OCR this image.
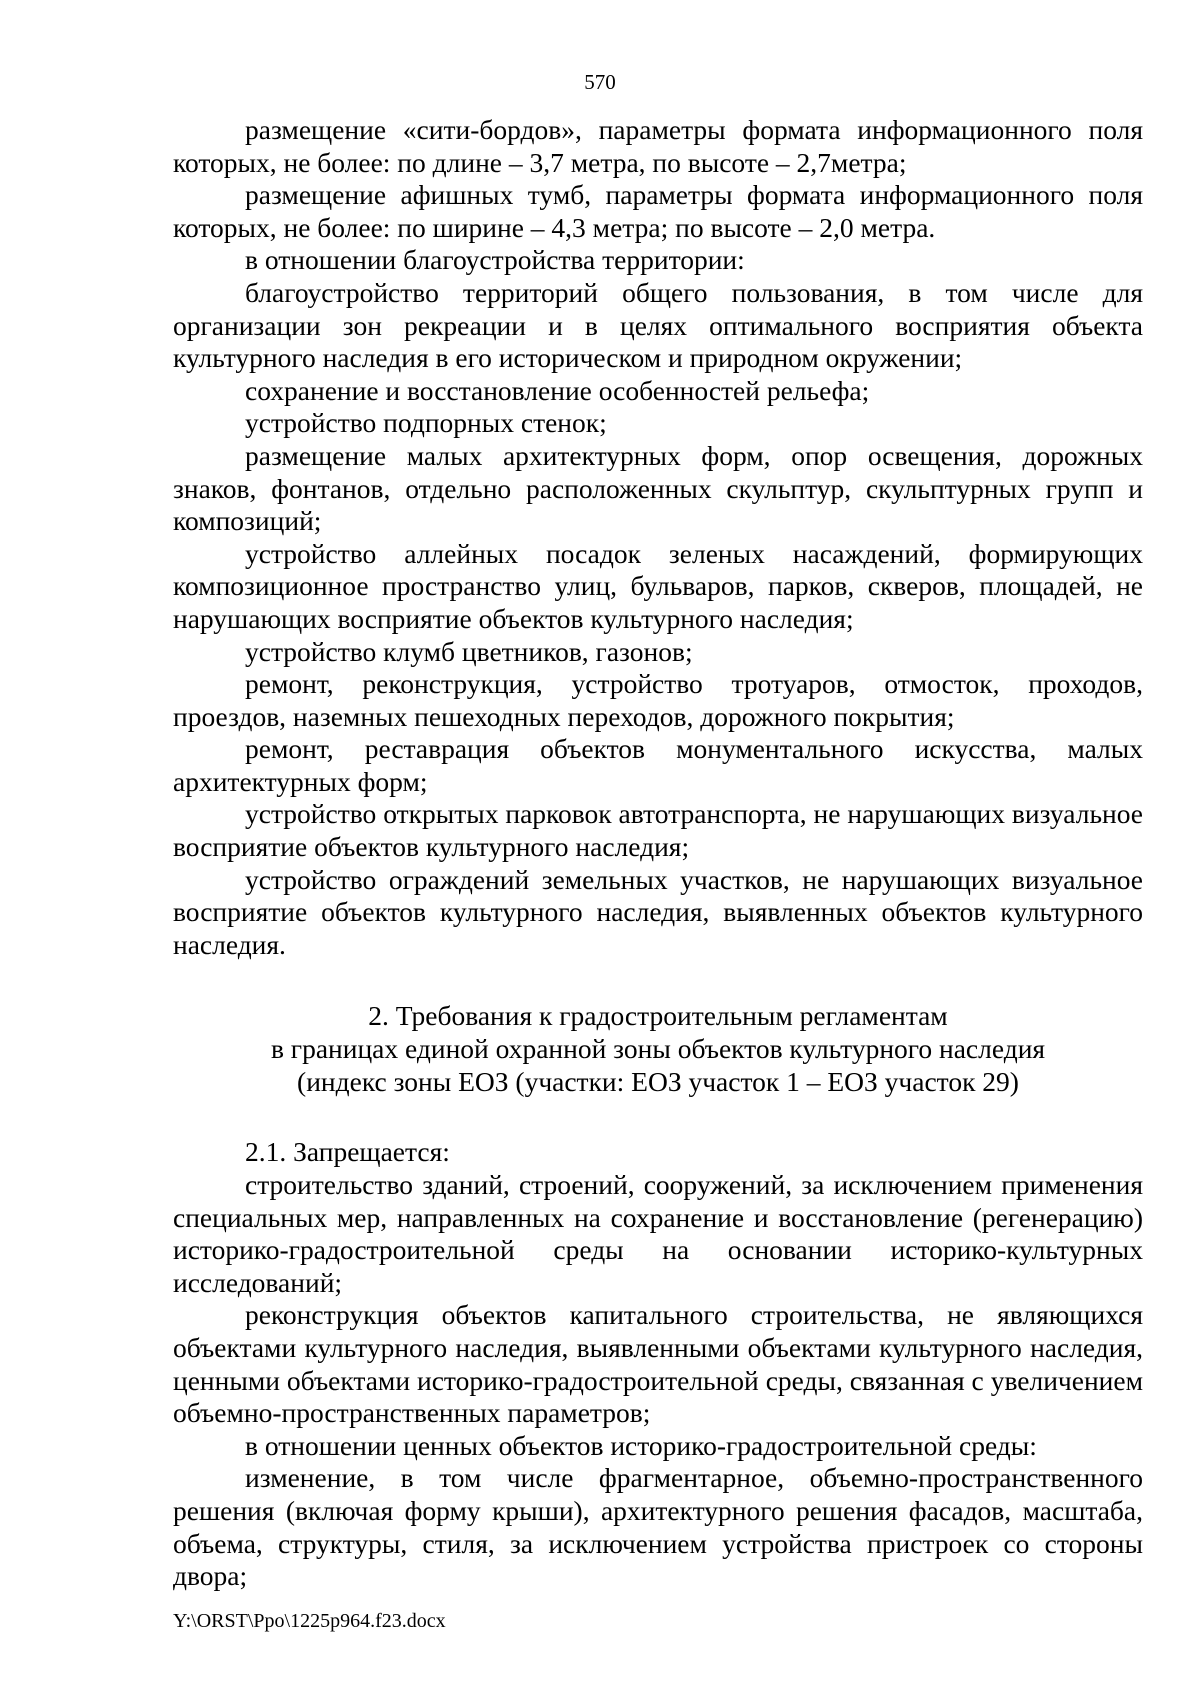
570

размещение «сити-бордов», параметры формата информационного поля которых, не более: по длине – 3,7 метра, по высоте – 2,7метра;

размещение афишных тумб, параметры формата информационного поля которых, не более: по ширине – 4,3 метра; по высоте – 2,0 метра.

в отношении благоустройства территории:

благоустройство территорий общего пользования, в том числе для организации зон рекреации и в целях оптимального восприятия объекта культурного наследия в его историческом и природном окружении;

сохранение и восстановление особенностей рельефа;

устройство подпорных стенок;

размещение малых архитектурных форм, опор освещения, дорожных знаков, фонтанов, отдельно расположенных скульптур, скульптурных групп и композиций;

устройство аллейных посадок зеленых насаждений, формирующих композиционное пространство улиц, бульваров, парков, скверов, площадей, не нарушающих восприятие объектов культурного наследия;

устройство клумб цветников, газонов;

ремонт, реконструкция, устройство тротуаров, отмосток, проходов, проездов, наземных пешеходных переходов, дорожного покрытия;

ремонт, реставрация объектов монументального искусства, малых архитектурных форм;

устройство открытых парковок автотранспорта, не нарушающих визуальное восприятие объектов культурного наследия;

устройство ограждений земельных участков, не нарушающих визуальное восприятие объектов культурного наследия, выявленных объектов культурного наследия.

2. Требования к градостроительным регламентам
в границах единой охранной зоны объектов культурного наследия
(индекс зоны ЕОЗ (участки: ЕОЗ участок 1 – ЕОЗ участок 29)

2.1. Запрещается:

строительство зданий, строений, сооружений, за исключением применения специальных мер, направленных на сохранение и восстановление (регенерацию) историко-градостроительной среды на основании историко-культурных исследований;

реконструкция объектов капитального строительства, не являющихся объектами культурного наследия, выявленными объектами культурного наследия, ценными объектами историко-градостроительной среды, связанная с увеличением объемно-пространственных параметров;

в отношении ценных объектов историко-градостроительной среды:

изменение, в том числе фрагментарное, объемно-пространственного решения (включая форму крыши), архитектурного решения фасадов, масштаба, объема, структуры, стиля, за исключением устройства пристроек со стороны двора;

Y:\ORST\Ppo\1225p964.f23.docx
